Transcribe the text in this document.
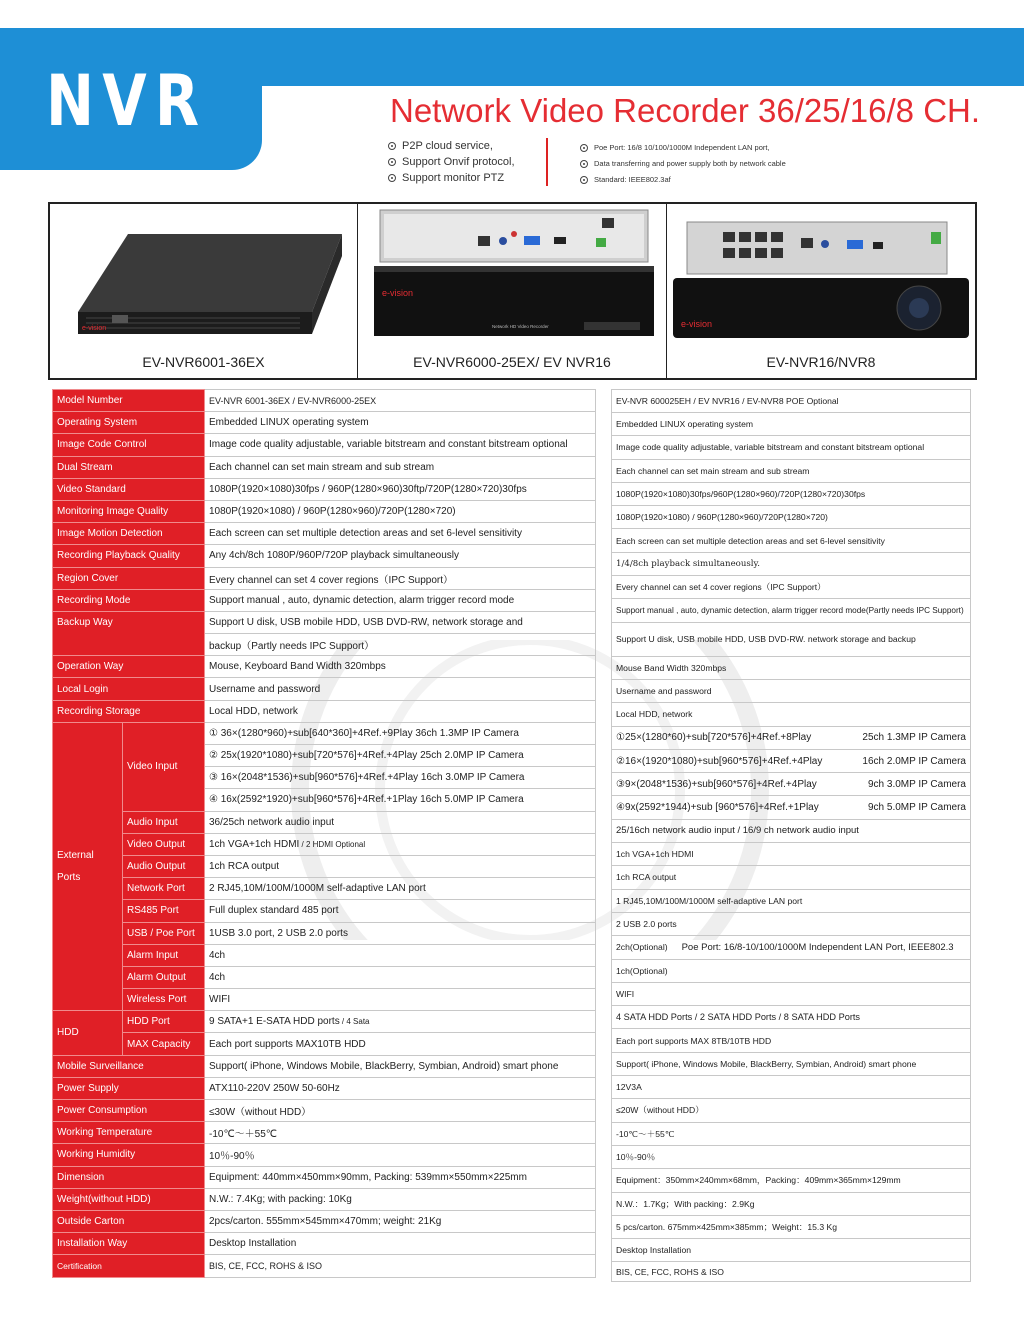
NVR	Network Video Recorder 36/25/16/8 CH.
P2P cloud service,
Support Onvif protocol,
Support monitor PTZ
Poe Port: 16/8 10/100/1000M Independent LAN port,
Data transferring and power supply both by network cable
Standard: IEEE802.3af
e-vision
EV-NVR6001-36EX
e-vision
Network HD Video Recorder
EV-NVR6000-25EX/ EV NVR16
e-vision
EV-NVR16/NVR8
Model Number		EV-NVR 6001-36EX / EV-NVR6000-25EX
Operating System		Embedded LINUX operating system
Image Code Control		Image code quality adjustable, variable bitstream and constant bitstream optional
Dual Stream		Each channel can set main stream and sub stream
Video Standard		1080P(1920×1080)30fps / 960P(1280×960)30ftp/720P(1280×720)30fps
Monitoring Image Quality		1080P(1920×1080) / 960P(1280×960)/720P(1280×720)
Image Motion Detection		Each screen can set multiple detection areas and set 6-level sensitivity
Recording Playback Quality		Any 4ch/8ch 1080P/960P/720P playback simultaneously
Region Cover		Every channel can set 4 cover regions（IPC Support）
Recording Mode		Support manual , auto, dynamic detection, alarm trigger record mode
Backup Way		Support U disk, USB mobile HDD, USB DVD-RW, network storage and
		backup（Partly needs IPC Support）
Operation Way		Mouse, Keyboard Band Width 320mbps
Local Login		Username and password
Recording Storage		Local HDD, network
External

Ports	Video Input	① 36×(1280*960)+sub[640*360]+4Ref.+9Play 36ch 1.3MP IP Camera
		② 25x(1920*1080)+sub[720*576]+4Ref.+4Play 25ch 2.0MP IP Camera
		③ 16×(2048*1536)+sub[960*576]+4Ref.+4Play 16ch 3.0MP IP Camera
		④ 16x(2592*1920)+sub[960*576]+4Ref.+1Play 16ch 5.0MP IP Camera
	Audio Input	36/25ch network audio input
	Video Output	1ch VGA+1ch HDMI / 2 HDMI Optional
	Audio Output	1ch RCA output
	Network Port	2 RJ45,10M/100M/1000M self-adaptive LAN port
	RS485 Port	Full duplex standard 485 port
	USB / Poe Port	1USB 3.0 port, 2 USB 2.0 ports
	Alarm Input	4ch
	Alarm Output	4ch
	Wireless Port	WIFI
HDD	HDD Port	9 SATA+1 E-SATA HDD ports / 4 Sata
	MAX Capacity	Each port supports MAX10TB HDD
Mobile Surveillance		Support( iPhone, Windows Mobile, BlackBerry, Symbian, Android) smart phone
Power Supply		ATX110-220V 250W 50-60Hz
Power Consumption		≤30W（without HDD）
Working Temperature		-10℃～＋55℃
Working Humidity		10％-90％
Dimension		Equipment: 440mm×450mm×90mm, Packing: 539mm×550mm×225mm
Weight(without HDD)		N.W.: 7.4Kg; with packing: 10Kg
Outside Carton		2pcs/carton. 555mm×545mm×470mm; weight: 21Kg
Installation Way		Desktop Installation
Certification		BIS, CE, FCC, ROHS & ISO
EV-NVR 600025EH / EV NVR16 / EV-NVR8 POE Optional
Embedded LINUX operating system
Image code quality adjustable, variable bitstream and constant bitstream optional
Each channel can set main stream and sub stream
1080P(1920×1080)30fps/960P(1280×960)/720P(1280×720)30fps
1080P(1920×1080) / 960P(1280×960)/720P(1280×720)
Each screen can set multiple detection areas and set 6-level sensitivity
1/4/8ch playback simultaneously.
Every channel can set 4 cover regions（IPC Support）
Support manual , auto, dynamic detection, alarm trigger record mode(Partly needs IPC Support)
Support U disk, USB mobile HDD, USB DVD-RW. network storage and backup
Mouse Band Width 320mbps
Username and password
Local HDD, network
①25×(1280*60)+sub[720*576]+4Ref.+8Play	25ch 1.3MP IP Camera

②16×(1920*1080)+sub[960*576]+4Ref.+4Play	16ch 2.0MP IP Camera

③9×(2048*1536)+sub[960*576]+4Ref.+4Play	9ch 3.0MP IP Camera

④9x(2592*1944)+sub [960*576]+4Ref.+1Play	9ch 5.0MP IP Camera

25/16ch network audio input / 16/9 ch network audio input
1ch VGA+1ch HDMI
1ch RCA output
1 RJ45,10M/100M/1000M self-adaptive LAN port
2 USB 2.0 ports
2ch(Optional) Poe Port: 16/8-10/100/1000M Independent LAN Port, IEEE802.3
1ch(Optional)
WIFI
4 SATA HDD Ports / 2 SATA HDD Ports / 8 SATA HDD Ports
Each port supports MAX 8TB/10TB HDD
Support( iPhone, Windows Mobile, BlackBerry, Symbian, Android) smart phone
12V3A
≤20W（without HDD）
-10℃～＋55℃
10％-90％
Equipment：350mm×240mm×68mm，Packing：409mm×365mm×129mm
N.W.：1.7Kg；With packing：2.9Kg
5 pcs/carton. 675mm×425mm×385mm；Weight：15.3 Kg
Desktop Installation
BIS, CE, FCC, ROHS & ISO
